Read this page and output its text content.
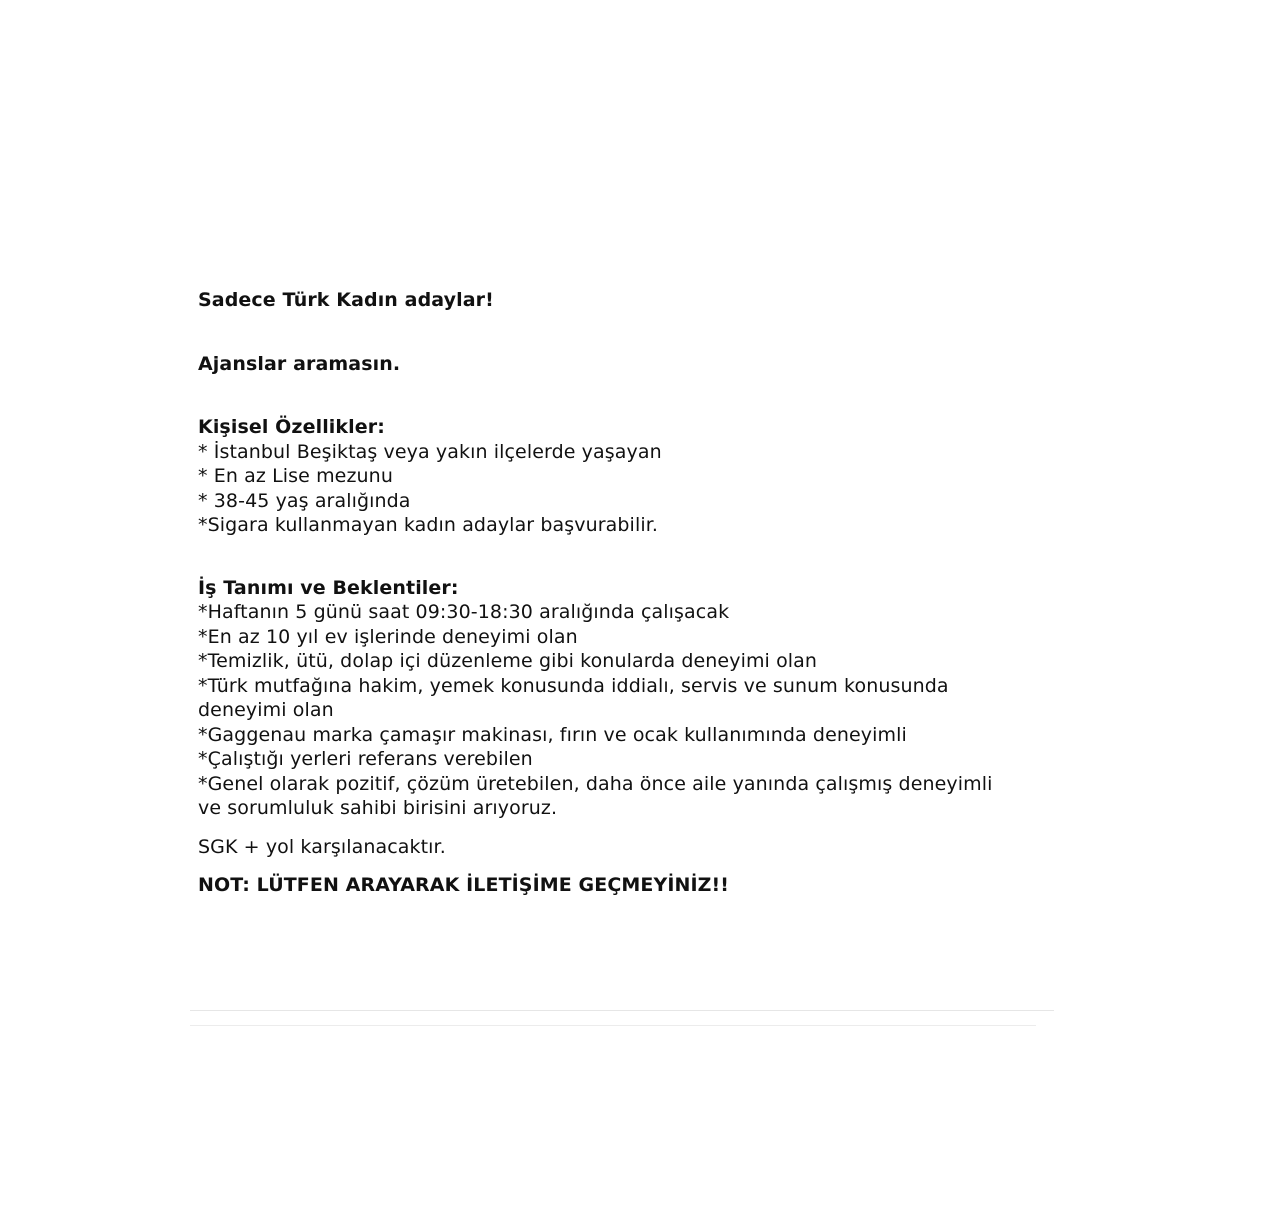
Sadece Türk Kadın adaylar!

Ajanslar aramasın.

Kişisel Özellikler:

* İstanbul Beşiktaş veya yakın ilçelerde yaşayan
* En az Lise mezunu
* 38-45 yaş aralığında
*Sigara kullanmayan kadın adaylar başvurabilir.

İş Tanımı ve Beklentiler:

*Haftanın 5 günü saat 09:30-18:30 aralığında çalışacak
*En az 10 yıl ev işlerinde deneyimi olan
*Temizlik, ütü, dolap içi düzenleme gibi konularda deneyimi olan
*Türk mutfağına hakim, yemek konusunda iddialı, servis ve sunum konusunda deneyimi olan
*Gaggenau marka çamaşır makinası, fırın ve ocak kullanımında deneyimli
*Çalıştığı yerleri referans verebilen
*Genel olarak pozitif, çözüm üretebilen, daha önce aile yanında çalışmış deneyimli ve sorumluluk sahibi birisini arıyoruz.

SGK + yol karşılanacaktır.

NOT: LÜTFEN ARAYARAK İLETİŞİME GEÇMEYİNİZ!!
